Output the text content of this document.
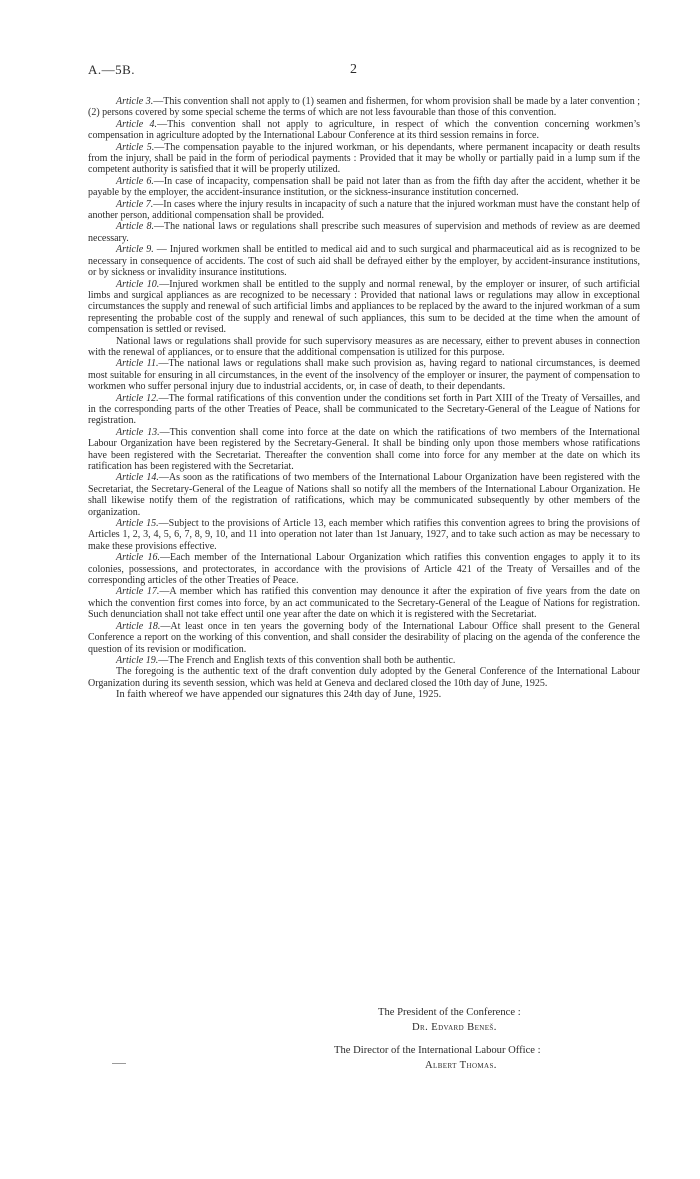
A.—5B.	2

Article 3.—This convention shall not apply to (1) seamen and fishermen, for whom provision shall be made by a later convention ; (2) persons covered by some special scheme the terms of which are not less favourable than those of this convention.

Article 4.—This convention shall not apply to agriculture, in respect of which the convention concerning workmen’s compensation in agriculture adopted by the International Labour Conference at its third session remains in force.

Article 5.—The compensation payable to the injured workman, or his dependants, where permanent incapacity or death results from the injury, shall be paid in the form of periodical payments : Provided that it may be wholly or partially paid in a lump sum if the competent authority is satisfied that it will be properly utilized.

Article 6.—In case of incapacity, compensation shall be paid not later than as from the fifth day after the accident, whether it be payable by the employer, the accident-insurance institution, or the sickness-insurance institution concerned.

Article 7.—In cases where the injury results in incapacity of such a nature that the injured workman must have the constant help of another person, additional compensation shall be provided.

Article 8.—The national laws or regulations shall prescribe such measures of supervision and methods of review as are deemed necessary.

Article 9. — Injured workmen shall be entitled to medical aid and to such surgical and pharmaceutical aid as is recognized to be necessary in consequence of accidents. The cost of such aid shall be defrayed either by the employer, by accident-insurance institutions, or by sickness or invalidity insurance institutions.

Article 10.—Injured workmen shall be entitled to the supply and normal renewal, by the employer or insurer, of such artificial limbs and surgical appliances as are recognized to be necessary : Provided that national laws or regulations may allow in exceptional circumstances the supply and renewal of such artificial limbs and appliances to be replaced by the award to the injured workman of a sum representing the probable cost of the supply and renewal of such appliances, this sum to be decided at the time when the amount of compensation is settled or revised.

National laws or regulations shall provide for such supervisory measures as are necessary, either to prevent abuses in connection with the renewal of appliances, or to ensure that the additional compensation is utilized for this purpose.

Article 11.—The national laws or regulations shall make such provision as, having regard to national circumstances, is deemed most suitable for ensuring in all circumstances, in the event of the insolvency of the employer or insurer, the payment of compensation to workmen who suffer personal injury due to industrial accidents, or, in case of death, to their dependants.

Article 12.—The formal ratifications of this convention under the conditions set forth in Part XIII of the Treaty of Versailles, and in the corresponding parts of the other Treaties of Peace, shall be communicated to the Secretary-General of the League of Nations for registration.

Article 13.—This convention shall come into force at the date on which the ratifications of two members of the International Labour Organization have been registered by the Secretary-General. It shall be binding only upon those members whose ratifications have been registered with the Secretariat. Thereafter the convention shall come into force for any member at the date on which its ratification has been registered with the Secretariat.

Article 14.—As soon as the ratifications of two members of the International Labour Organization have been registered with the Secretariat, the Secretary-General of the League of Nations shall so notify all the members of the International Labour Organization. He shall likewise notify them of the registration of ratifications, which may be communicated subsequently by other members of the organization.

Article 15.—Subject to the provisions of Article 13, each member which ratifies this convention agrees to bring the provisions of Articles 1, 2, 3, 4, 5, 6, 7, 8, 9, 10, and 11 into operation not later than 1st January, 1927, and to take such action as may be necessary to make these provisions effective.

Article 16.—Each member of the International Labour Organization which ratifies this convention engages to apply it to its colonies, possessions, and protectorates, in accordance with the provisions of Article 421 of the Treaty of Versailles and of the corresponding articles of the other Treaties of Peace.

Article 17.—A member which has ratified this convention may denounce it after the expiration of five years from the date on which the convention first comes into force, by an act communicated to the Secretary-General of the League of Nations for registration. Such denunciation shall not take effect until one year after the date on which it is registered with the Secretariat.

Article 18.—At least once in ten years the governing body of the International Labour Office shall present to the General Conference a report on the working of this convention, and shall consider the desirability of placing on the agenda of the conference the question of its revision or modification.

Article 19.—The French and English texts of this convention shall both be authentic.

The foregoing is the authentic text of the draft convention duly adopted by the General Conference of the International Labour Organization during its seventh session, which was held at Geneva and declared closed the 10th day of June, 1925.

In faith whereof we have appended our signatures this 24th day of June, 1925.

The President of the Conference :
Dr. Edvard Beneš.
The Director of the International Labour Office :
Albert Thomas.
